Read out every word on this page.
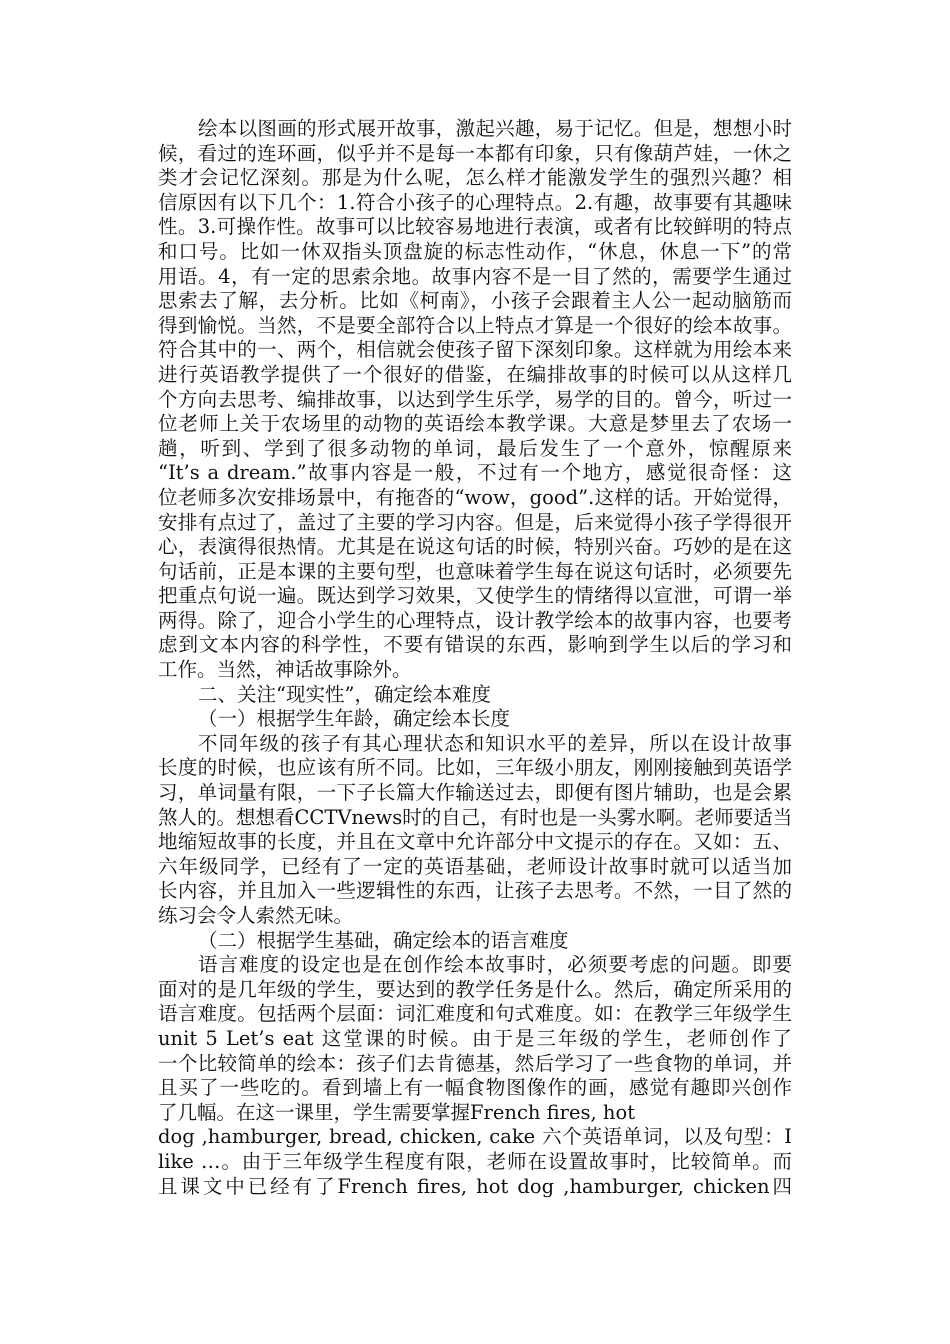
绘本以图画的形式展开故事，激起兴趣，易于记忆。但是，想想小时
候，看过的连环画，似乎并不是每一本都有印象，只有像葫芦娃，一休之
类才会记忆深刻。那是为什么呢，怎么样才能激发学生的强烈兴趣？相
信原因有以下几个：1.符合小孩子的心理特点。2.有趣，故事要有其趣味
性。3.可操作性。故事可以比较容易地进行表演，或者有比较鲜明的特点
和口号。比如一休双指头顶盘旋的标志性动作，“休息，休息一下”的常
用语。4，有一定的思索余地。故事内容不是一目了然的，需要学生通过
思索去了解，去分析。比如《柯南》，小孩子会跟着主人公一起动脑筋而
得到愉悦。当然，不是要全部符合以上特点才算是一个很好的绘本故事。
符合其中的一、两个，相信就会使孩子留下深刻印象。这样就为用绘本来
进行英语教学提供了一个很好的借鉴，在编排故事的时候可以从这样几
个方向去思考、编排故事，以达到学生乐学，易学的目的。曾今，听过一
位老师上关于农场里的动物的英语绘本教学课。大意是梦里去了农场一
趟，听到、学到了很多动物的单词，最后发生了一个意外，惊醒原来
“It’s a dream.”故事内容是一般，不过有一个地方，感觉很奇怪：这
位老师多次安排场景中，有拖沓的“wow，good”.这样的话。开始觉得，
安排有点过了，盖过了主要的学习内容。但是，后来觉得小孩子学得很开
心，表演得很热情。尤其是在说这句话的时候，特别兴奋。巧妙的是在这
句话前，正是本课的主要句型，也意味着学生每在说这句话时，必须要先
把重点句说一遍。既达到学习效果，又使学生的情绪得以宣泄，可谓一举
两得。除了，迎合小学生的心理特点，设计教学绘本的故事内容，也要考
虑到文本内容的科学性，不要有错误的东西，影响到学生以后的学习和
工作。当然，神话故事除外。
二、关注“现实性”，确定绘本难度
（一）根据学生年龄，确定绘本长度
不同年级的孩子有其心理状态和知识水平的差异，所以在设计故事
长度的时候，也应该有所不同。比如，三年级小朋友，刚刚接触到英语学
习，单词量有限，一下子长篇大作输送过去，即便有图片辅助，也是会累
煞人的。想想看CCTVnews时的自己，有时也是一头雾水啊。老师要适当
地缩短故事的长度，并且在文章中允许部分中文提示的存在。又如：五、
六年级同学，已经有了一定的英语基础，老师设计故事时就可以适当加
长内容，并且加入一些逻辑性的东西，让孩子去思考。不然，一目了然的
练习会令人索然无味。
（二）根据学生基础，确定绘本的语言难度
语言难度的设定也是在创作绘本故事时，必须要考虑的问题。即要
面对的是几年级的学生，要达到的教学任务是什么。然后，确定所采用的
语言难度。包括两个层面：词汇难度和句式难度。如：在教学三年级学生
unit 5 Let’s eat 这堂课的时候。由于是三年级的学生，老师创作了
一个比较简单的绘本：孩子们去肯德基，然后学习了一些食物的单词，并
且买了一些吃的。看到墙上有一幅食物图像作的画，感觉有趣即兴创作
了几幅。在这一课里，学生需要掌握French fires, hot
dog ,hamburger, bread, chicken, cake 六个英语单词，以及句型：I
like …。由于三年级学生程度有限，老师在设置故事时，比较简单。而
且课文中已经有了French fires, hot dog ,hamburger, chicken四
